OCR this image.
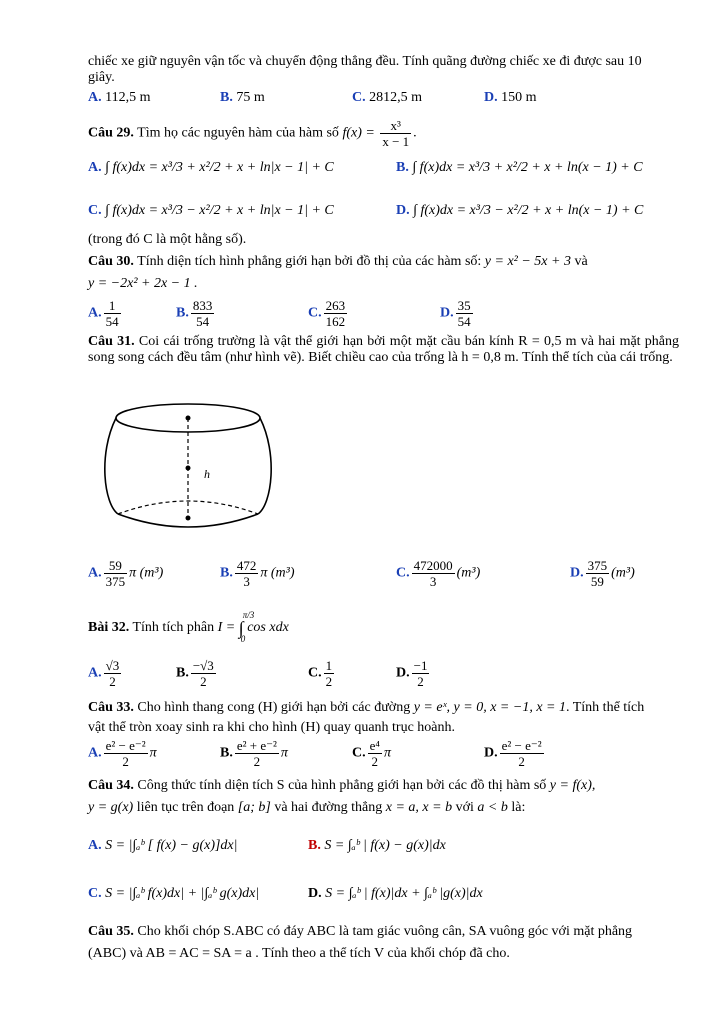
chiếc xe giữ nguyên vận tốc và chuyển động thẳng đều. Tính quãng đường chiếc xe đi được sau 10
giây.
A. 112,5 m	B. 75 m	C. 2812,5 m	D. 150 m
Câu 29. Tìm họ các nguyên hàm của hàm số $f(x) = \frac{\text{x³}}{x - 1}$ .
A. ∫ f(x)dx = x³/3 + x²/2 + x + ln|x − 1| + C	B. ∫ f(x)dx = x³/3 + x²/2 + x + ln(x − 1) + C
C. ∫ f(x)dx = x³/3 − x²/2 + x + ln|x − 1| + C	D. ∫ f(x)dx = x³/3 − x²/2 + x + ln(x − 1) + C
(trong đó C là một hằng số).
Câu 30. Tính diện tích hình phẳng giới hạn bởi đồ thị của các hàm số: y = x² − 5x + 3 và
y = −2x² + 2x − 1 .
A. $\frac{1}{54}$	B. $\frac{833}{54}$	C. $\frac{263}{162}$	D. $\frac{35}{54}$
Câu 31. Coi cái trống trường là vật thể giới hạn bởi một mặt cầu bán kính R = 0,5 m và hai mặt phẳng song song cách đều tâm (như hình vẽ). Biết chiều cao của trống là h = 0,8 m. Tính thể tích của cái trống.
h
A. $\frac{59}{375}$ π (m³)	B. $\frac{472}{3}$ π (m³)	C. $\frac{472000}{3} (m^3)$	D. $\frac{375}{59} (m^3)$
Bài 32. Tính tích phân I =
π/3
∫
0
cos xdx
A. $\frac{√3}{2}$	B. $\frac{-√3}{2}$	C. $\frac{1}{2}$	D. $\frac{-1}{2}$
Câu 33. Cho hình thang cong (H) giới hạn bởi các đường y = eˣ, y = 0, x = −1, x = 1. Tính thể tích
vật thể tròn xoay sinh ra khi cho hình (H) quay quanh trục hoành.
A. $\frac{\text{e² − e⁻²}}{2}$ π	B. $\frac{\text{e² + e⁻²}}{2}$ π	C. $\frac{\text{e⁴}}{2}$ π	D. $\frac{\text{e² − e⁻²}}{2}$
Câu 34. Công thức tính diện tích S của hình phẳng giới hạn bởi các đồ thị hàm số y = f(x),
y = g(x) liên tục trên đoạn [a; b] và hai đường thẳng x = a, x = b với a < b là:
A. S = |∫ₐᵇ [ f(x) − g(x)]dx|	B. S = ∫ₐᵇ | f(x) − g(x)|dx
C. S = |∫ₐᵇ f(x)dx| + |∫ₐᵇ g(x)dx|	D. S = ∫ₐᵇ | f(x)|dx + ∫ₐᵇ |g(x)|dx
Câu 35. Cho khối chóp S.ABC có đáy ABC là tam giác vuông cân, SA vuông góc với mặt phẳng
(ABC) và AB = AC = SA = a . Tính theo a thể tích V của khối chóp đã cho.
